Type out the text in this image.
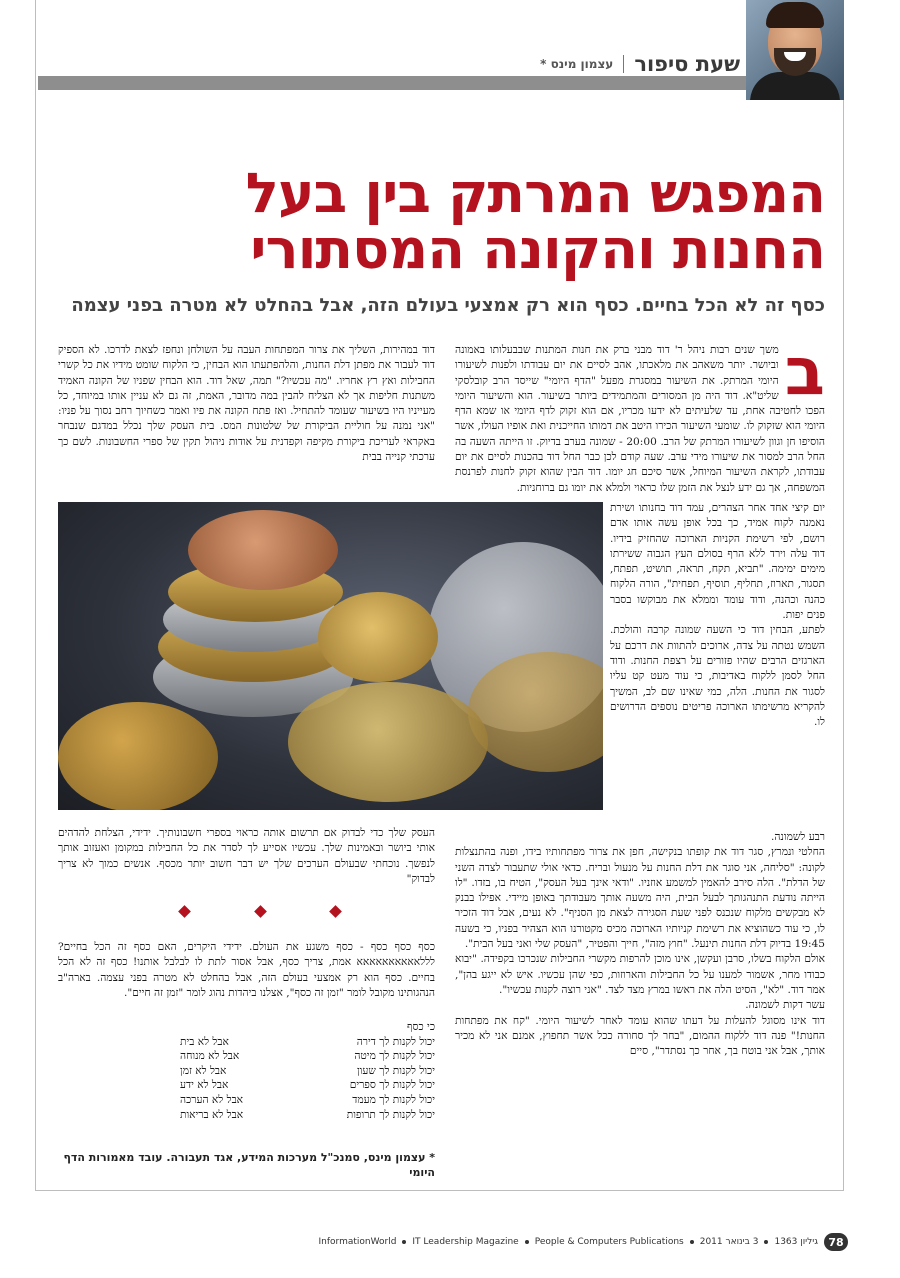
שעת סיפור
עצמון מינס *
המפגש המרתק בין בעל
החנות והקונה המסתורי
כסף זה לא הכל בחיים. כסף הוא רק אמצעי בעולם הזה, אבל בהחלט לא מטרה בפני עצמה
ב

משך שנים רבות ניהל ר' דוד מבני ברק את חנות המתנות שבבעלותו באמונה וביושר. יותר משאהב את מלאכתו, אהב לסיים את יום עבודתו ולפנות לשיעורו היומי המרתק. את השיעור במסגרת מפעל "הדף היומי" שייסד הרב קובלסקי שליט"א. דוד היה מן המסורים והמתמידים ביותר בשיעור. הוא והשיעור היומי הפכו לחטיבה אחת, עד שלעיתים לא ידעו מכריו, אם הוא זקוק לדף היומי או שמא הדף היומי הוא שזקוק לו. שומעי השיעור הכירו היטב את דמותו החייכנית ואת אופיו העולז, אשר הוסיפו חן וגוון לשיעורו המרתק של הרב. 20:00 - שמונה בערב בדיוק. זו הייתה השעה בה החל הרב למסור את שיעורו מידי ערב. שעה קודם לכן כבר החל דוד בהכנות לסיים את יום עבודתו, לקראת השיעור המיוחל, אשר סיכם חג יומו. דוד הבין שהוא זקוק לחנות לפרנסת המשפחה, אך גם ידע לנצל את הזמן שלו כראוי ולמלא את יומו גם ברוחניות.

יום קיצי אחד אחר הצהרים, עמד דוד בחנותו ושירת נאמנה לקוח אמיד, כך בכל אופן עשה אותו אדם רושם, לפי רשימת הקניות הארוכה שהחזיק בידיו. דוד עלה וירד ללא הרף בסולם העץ הגבוה ששירתו מימים ימימה. "תביא, תקח, תראה, תושיט, תפתח, תסגור, תארוז, תחליף, תוסיף, תפחית", הורה הלקוח כהנה וכהנה, ודוד עומד וממלא את מבוקשו בסבר פנים יפות.

לפתע, הבחין דוד כי השעה שמונה קרבה והולכת. השמש נטתה על צדה, ארוכים להתוות את דרכם על הארגזים הרבים שהיו פזורים על רצפת החנות. ודוד החל לסמן ללקוח באדיבות, כי עוד מעט קט עליו לסגור את החנות. הלה, כמי שאינו שם לב, המשיך להקריא מרשימתו הארוכה פריטים נוספים הדרושים לו.

רבע לשמונה.

החלטי ונמרץ, סגר דוד את קופתו בנקישה, חפן את צרור מפתחותיו בידו, ופנה בהתנצלות לקונה: "סליחה, אני סוגר את דלת החנות על מנעול ובריח. כדאי אולי שתעבור לצדה השני של הדלת". הלה סירב להאמין למשמע אוזניו. "ודאי אינך בעל העסק", הטיח בו, בזדו. "לו הייתה נודעת התנהגותך לבעל הבית, היה משעה אותך מעבודתך באופן מיידי. אפילו בבנק לא מבקשים מלקוח שנכנס לפני שעת הסגירה לצאת מן הסניף". לא נעים, אבל דוד הזכיר לו, כי עוד כשהוציא את רשימת קניותיו הארוכה מכיס מקטורנו הוא הצהיר בפניו, כי בשעה 19:45 בדיוק דלת החנות תינעל. "חוץ מזה", חייך והפטיר, "העסק שלי ואני בעל הבית".

אולם הלקוח בשלו, סרבן ועקשן, אינו מוכן להרפות מקשרי החבילות שנכרכו בקפידה. "יבוא כבודו מחר, אשמור למענו על כל החבילות והארוזות, כפי שהן עכשיו. איש לא ייגע בהן", אמר דוד. "לא", הסיט הלה את ראשו במרץ מצד לצד. "אני רוצה לקנות עכשיו".

עשר דקות לשמונה.

דוד אינו מסוגל להעלות על דעתו שהוא עומד לאחר לשיעור היומי. "קח את מפתחות החנות!" פנה דוד ללקוח ההמום, "בחר לך סחורה ככל אשר תחפוץ, אמנם אני לא מכיר אותך, אבל אני בוטח בך, אחר כך נסתדר", סיים

דוד במהירות, השליך את צרור המפתחות העבה על השולחן ונחפז לצאת לדרכו. לא הספיק דוד לעבור את מפתן דלת החנות, והלהפתעתו הוא הבחין, כי הלקוח שומט מידיו את כל קשרי החבילות ואץ רץ אחריו. "מה עכשיו?" תמה, שאל דוד. הוא הבחין שפניו של הקונה האמיד משתנות חליפות אך לא הצליח להבין במה מדובר, האמת, זה גם לא עניין אותו במיוחד, כל מעייניו היו בשיעור שעומד להתחיל. ואז פתח הקונה את פיו ואמר כשחיוך רחב נסוך על פניו: "אני נמנה על חוליית הביקורת של שלטונות המס. בית העסק שלך נכלל במדגם שנבחר באקראי לעריכת ביקורת מקיפה וקפדנית על אודות ניהול תקין של ספרי החשבונות. לשם כך ערכתי קנייה בבית

העסק שלך כדי לבדוק אם תרשום אותה כראוי בספרי חשבונותיך. ידידי, הצלחת להדהים אותי ביושר ובאמינות שלך. עכשיו אסייע לך לסדר את כל החבילות במקומן ואעזוב אותך לנפשך. נוכחתי שבעולם הערכים שלך יש דבר חשוב יותר מכסף. אנשים כמוך לא צריך לבדוק"

כסף כסף כסף - כסף משגע את העולם. ידידי היקרים, האם כסף זה הכל בחיים? לללאאאאאאאאאא אמת, צריך כסף, אבל אסור לתת לו לבלבל אותנו! כסף זה לא הכל בחיים. כסף הוא רק אמצעי בעולם הזה, אבל בהחלט לא מטרה בפני עצמה. בארה"ב הנהגותינו מקובל לומר "זמן זה כסף", אצלנו ביהדות נהוג לומר "זמן זה חיים".

כי כסף
יכול לקנות לך דירה
אבל לא בית
יכול לקנות לך מיטה
אבל לא מנוחה
יכול לקנות לך שעון
אבל לא זמן
יכול לקנות לך ספרים
אבל לא ידע
יכול לקנות לך מעמד
אבל לא הערכה
יכול לקנות לך תרופות
אבל לא בריאות
* עצמון מינס, סמנכ"ל מערכות המידע, אגד תעבורה. עובד מאמורות הדף היומי
78
גיליון 1363
3 בינואר 2011
People & Computers Publications
IT Leadership Magazine
InformationWorld
